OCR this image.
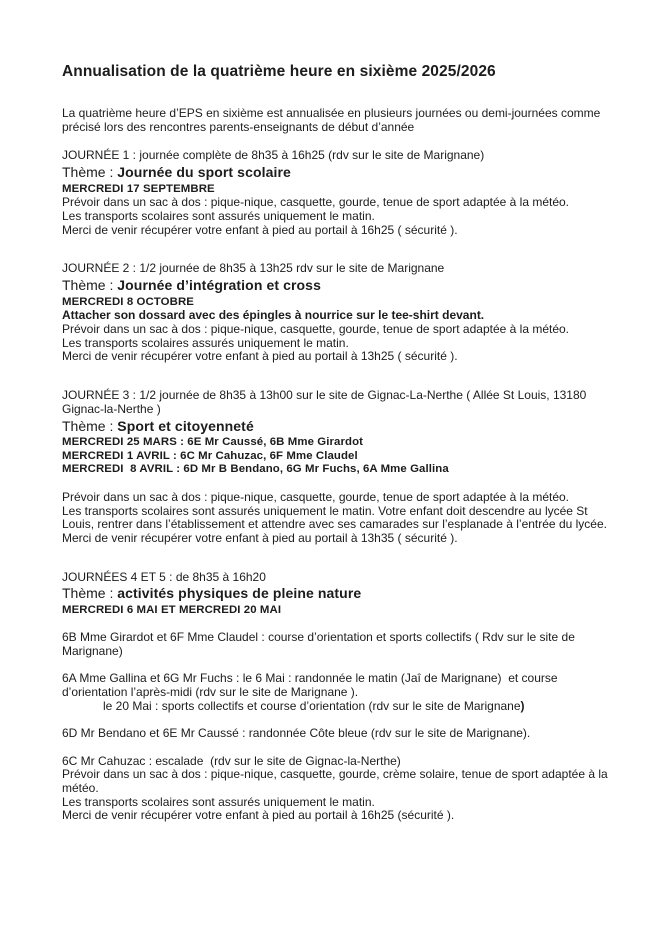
Annualisation de la quatrième heure en sixième 2025/2026

La quatrième heure d’EPS en sixième est annualisée en plusieurs journées ou demi-journées comme précisé lors des rencontres parents-enseignants de début d’année

JOURNÉE 1 : journée complète de 8h35 à 16h25 (rdv sur le site de Marignane)

Thème : Journée du sport scolaire

MERCREDI 17 SEPTEMBRE

Prévoir dans un sac à dos : pique-nique, casquette, gourde, tenue de sport adaptée à la météo.

Les transports scolaires sont assurés uniquement le matin.

Merci de venir récupérer votre enfant à pied au portail à 16h25 ( sécurité ).

JOURNÉE 2 : 1/2 journée de 8h35 à 13h25 rdv sur le site de Marignane

Thème : Journée d’intégration et cross

MERCREDI 8 OCTOBRE

Attacher son dossard avec des épingles à nourrice sur le tee-shirt devant.

Prévoir dans un sac à dos : pique-nique, casquette, gourde, tenue de sport adaptée à la météo.

Les transports scolaires assurés uniquement le matin.

Merci de venir récupérer votre enfant à pied au portail à 13h25 ( sécurité ).

JOURNÉE 3 : 1/2 journée de 8h35 à 13h00 sur le site de Gignac-La-Nerthe ( Allée St Louis, 13180 Gignac-la-Nerthe )

Thème : Sport et citoyenneté

MERCREDI 25 MARS : 6E Mr Caussé, 6B Mme Girardot

MERCREDI 1 AVRIL : 6C Mr Cahuzac, 6F Mme Claudel

MERCREDI  8 AVRIL : 6D Mr B Bendano, 6G Mr Fuchs, 6A Mme Gallina

Prévoir dans un sac à dos : pique-nique, casquette, gourde, tenue de sport adaptée à la météo.

Les transports scolaires sont assurés uniquement le matin. Votre enfant doit descendre au lycée St Louis, rentrer dans l’établissement et attendre avec ses camarades sur l’esplanade à l’entrée du lycée.

Merci de venir récupérer votre enfant à pied au portail à 13h35 ( sécurité ).

JOURNÉES 4 ET 5 : de 8h35 à 16h20

Thème : activités physiques de pleine nature

MERCREDI 6 MAI ET MERCREDI 20 MAI

6B Mme Girardot et 6F Mme Claudel : course d’orientation et sports collectifs ( Rdv sur le site de Marignane)

6A Mme Gallina et 6G Mr Fuchs : le 6 Mai : randonnée le matin (Jaî de Marignane)  et course d’orientation l’après-midi (rdv sur le site de Marignane ).

le 20 Mai : sports collectifs et course d’orientation (rdv sur le site de Marignane)

6D Mr Bendano et 6E Mr Caussé : randonnée Côte bleue (rdv sur le site de Marignane).

6C Mr Cahuzac : escalade  (rdv sur le site de Gignac-la-Nerthe)

Prévoir dans un sac à dos : pique-nique, casquette, gourde, crème solaire, tenue de sport adaptée à la météo.

Les transports scolaires sont assurés uniquement le matin.

Merci de venir récupérer votre enfant à pied au portail à 16h25 (sécurité ).
